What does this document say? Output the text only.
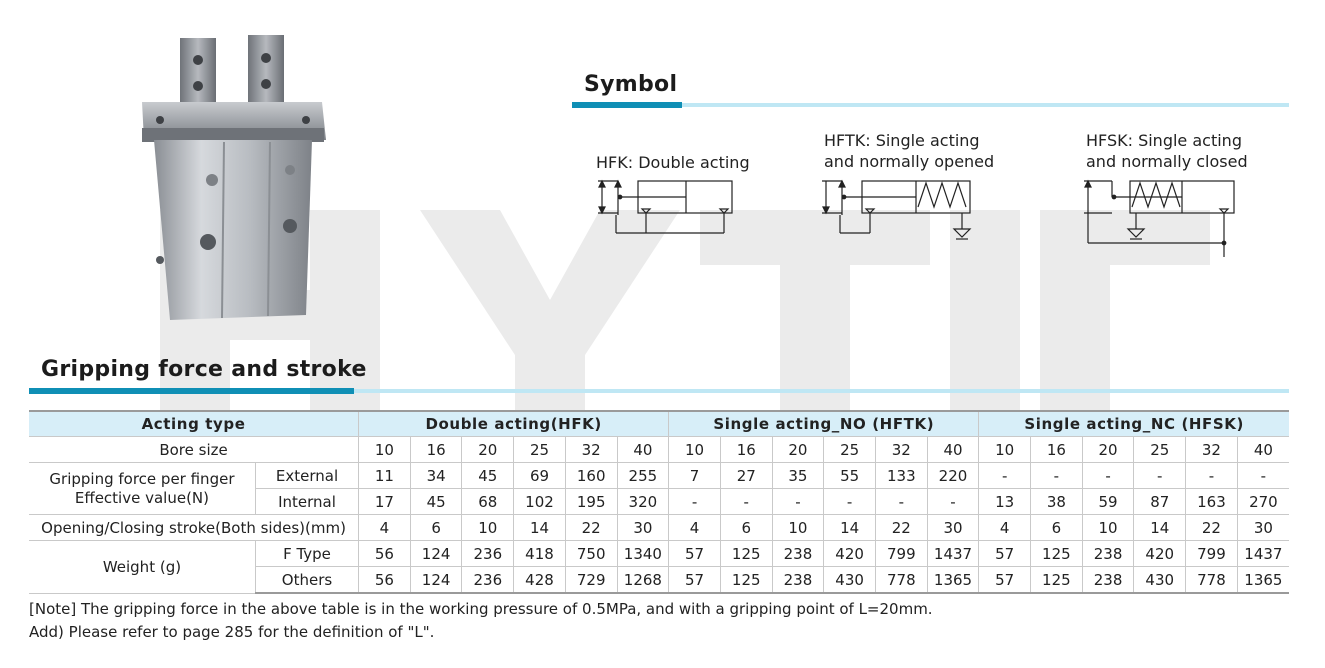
Symbol
HFK: Double acting
HFTK: Single acting
and normally opened
HFSK: Single acting
and normally closed
Gripping force and stroke
Acting type		Double acting(HFK)						Single acting_NO (HFTK)						Single acting_NC (HFSK)					
Bore size		10	16	20	25	32	40	10	16	20	25	32	40	10	16	20	25	32	40

Gripping force per finger
Effective value(N)	External	11	34	45	69	160	255	7	27	35	55	133	220	-	-	-	-	-	-
	Internal	17	45	68	102	195	320	-	-	-	-	-	-	13	38	59	87	163	270
Opening/Closing stroke(Both sides)(mm)		4	6	10	14	22	30	4	6	10	14	22	30	4	6	10	14	22	30
Weight (g)	F Type	56	124	236	418	750	1340	57	125	238	420	799	1437	57	125	238	420	799	1437
	Others	56	124	236	428	729	1268	57	125	238	430	778	1365	57	125	238	430	778	1365
[Note] The gripping force in the above table is in the working pressure of 0.5MPa, and with a gripping point of L=20mm.
Add) Please refer to page 285 for the definition of "L".
